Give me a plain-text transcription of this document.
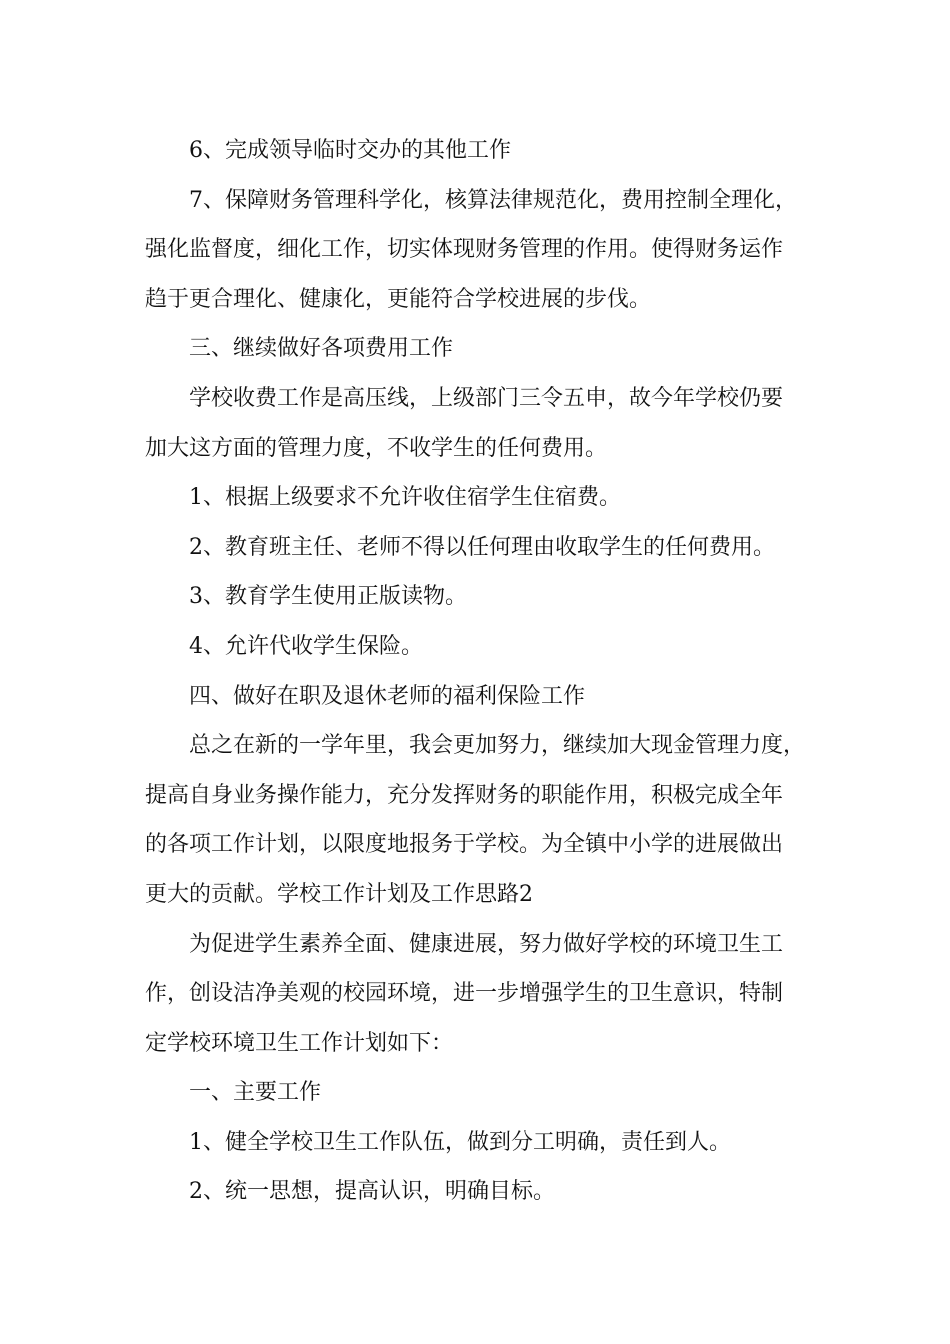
6、完成领导临时交办的其他工作
7、保障财务管理科学化，核算法律规范化，费用控制全理化，
强化监督度，细化工作，切实体现财务管理的作用。使得财务运作
趋于更合理化、健康化，更能符合学校进展的步伐。
三、继续做好各项费用工作
学校收费工作是高压线，上级部门三令五申，故今年学校仍要
加大这方面的管理力度，不收学生的任何费用。
1、根据上级要求不允许收住宿学生住宿费。
2、教育班主任、老师不得以任何理由收取学生的任何费用。
3、教育学生使用正版读物。
4、允许代收学生保险。
四、做好在职及退休老师的福利保险工作
总之在新的一学年里，我会更加努力，继续加大现金管理力度，
提高自身业务操作能力，充分发挥财务的职能作用，积极完成全年
的各项工作计划，以限度地报务于学校。为全镇中小学的进展做出
更大的贡献。学校工作计划及工作思路2
为促进学生素养全面、健康进展，努力做好学校的环境卫生工
作，创设洁净美观的校园环境，进一步增强学生的卫生意识，特制
定学校环境卫生工作计划如下：
一、主要工作
1、健全学校卫生工作队伍，做到分工明确，责任到人。
2、统一思想，提高认识，明确目标。
